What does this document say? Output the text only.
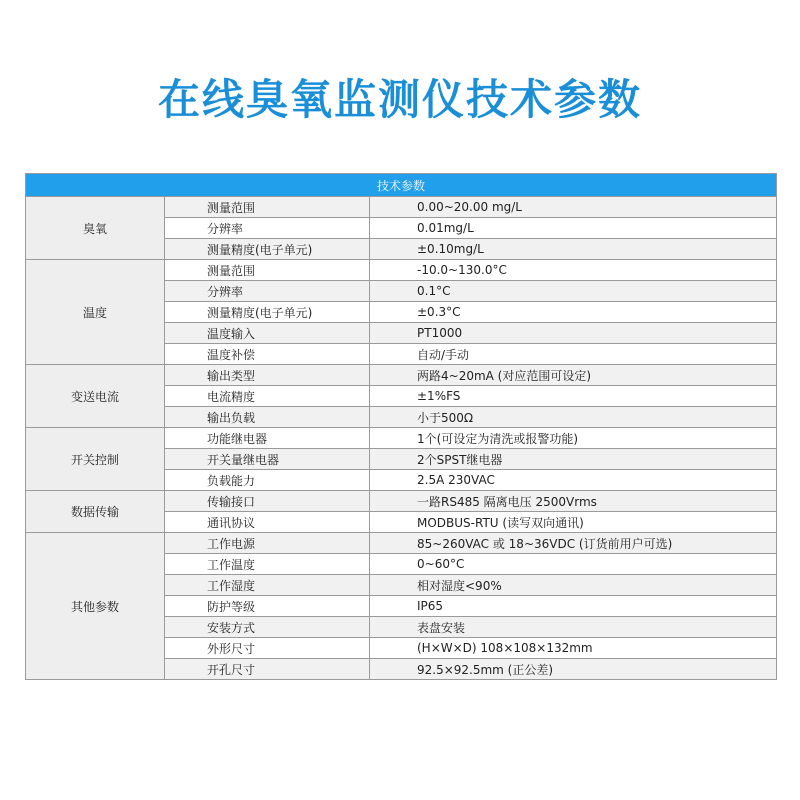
在线臭氧监测仪技术参数
技术参数		
臭氧	测量范围	0.00~20.00 mg/L
	分辨率	0.01mg/L
	测量精度(电子单元)	±0.10mg/L
温度	测量范围	-10.0~130.0°C
	分辨率	0.1°C
	测量精度(电子单元)	±0.3°C
	温度输入	PT1000
	温度补偿	自动/手动
变送电流	输出类型	两路4~20mA (对应范围可设定)
	电流精度	±1%FS
	输出负载	小于500Ω
开关控制	功能继电器	1个(可设定为清洗或报警功能)
	开关量继电器	2个SPST继电器
	负载能力	2.5A 230VAC
数据传输	传输接口	一路RS485 隔离电压 2500Vrms
	通讯协议	MODBUS-RTU (读写双向通讯)
其他参数	工作电源	85~260VAC 或 18~36VDC (订货前用户可选)
	工作温度	0~60°C
	工作湿度	相对湿度<90%
	防护等级	IP65
	安装方式	表盘安装
	外形尺寸	(H×W×D) 108×108×132mm
	开孔尺寸	92.5×92.5mm (正公差)
